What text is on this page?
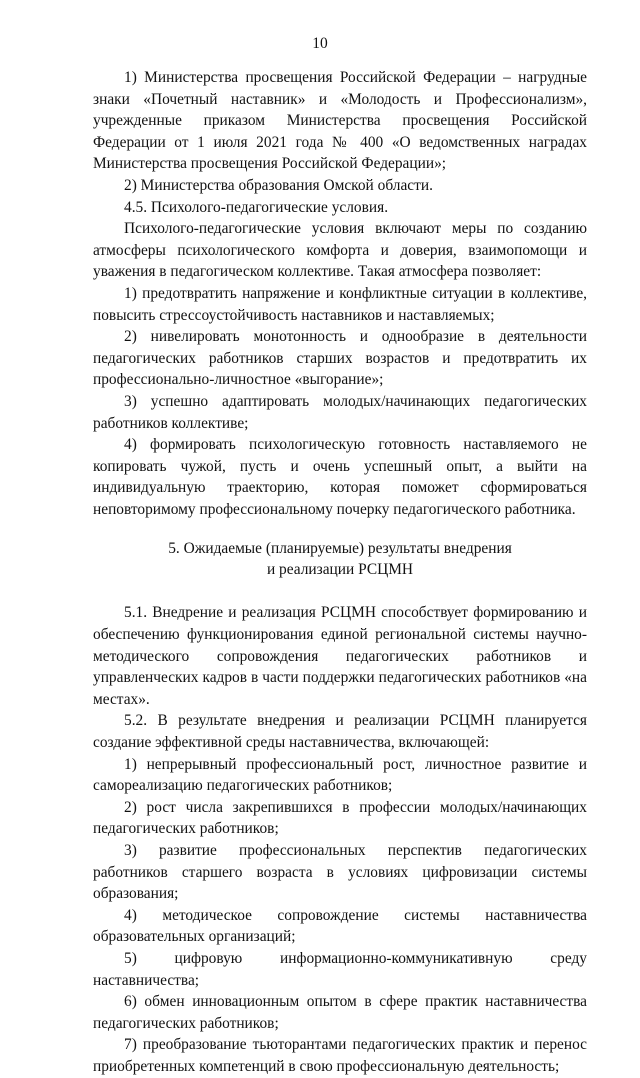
10

1) Министерства просвещения Российской Федерации – нагрудные знаки «Почетный наставник» и «Молодость и Профессионализм», учрежденные приказом Министерства просвещения Российской Федерации от 1 июля 2021 года № 400 «О ведомственных наградах Министерства просвещения Российской Федерации»;

2) Министерства образования Омской области.

4.5. Психолого-педагогические условия.

Психолого-педагогические условия включают меры по созданию атмосферы психологического комфорта и доверия, взаимопомощи и уважения в педагогическом коллективе. Такая атмосфера позволяет:

1) предотвратить напряжение и конфликтные ситуации в коллективе, повысить стрессоустойчивость наставников и наставляемых;

2) нивелировать монотонность и однообразие в деятельности педагогических работников старших возрастов и предотвратить их профессионально-личностное «выгорание»;

3) успешно адаптировать молодых/начинающих педагогических работников коллективе;

4) формировать психологическую готовность наставляемого не копировать чужой, пусть и очень успешный опыт, а выйти на индивидуальную траекторию, которая поможет сформироваться неповторимому профессиональному почерку педагогического работника.

5. Ожидаемые (планируемые) результаты внедрения
и реализации РСЦМН

5.1. Внедрение и реализация РСЦМН способствует формированию и обеспечению функционирования единой региональной системы научно-методического сопровождения педагогических работников и управленческих кадров в части поддержки педагогических работников «на местах».

5.2. В результате внедрения и реализации РСЦМН планируется создание эффективной среды наставничества, включающей:

1) непрерывный профессиональный рост, личностное развитие и самореализацию педагогических работников;

2) рост числа закрепившихся в профессии молодых/начинающих педагогических работников;

3) развитие профессиональных перспектив педагогических работников старшего возраста в условиях цифровизации системы образования;

4) методическое сопровождение системы наставничества образовательных организаций;

5) цифровую информационно-коммуникативную среду наставничества;

6) обмен инновационным опытом в сфере практик наставничества педагогических работников;

7) преобразование тьюторантами педагогических практик и перенос приобретенных компетенций в свою профессиональную деятельность;
